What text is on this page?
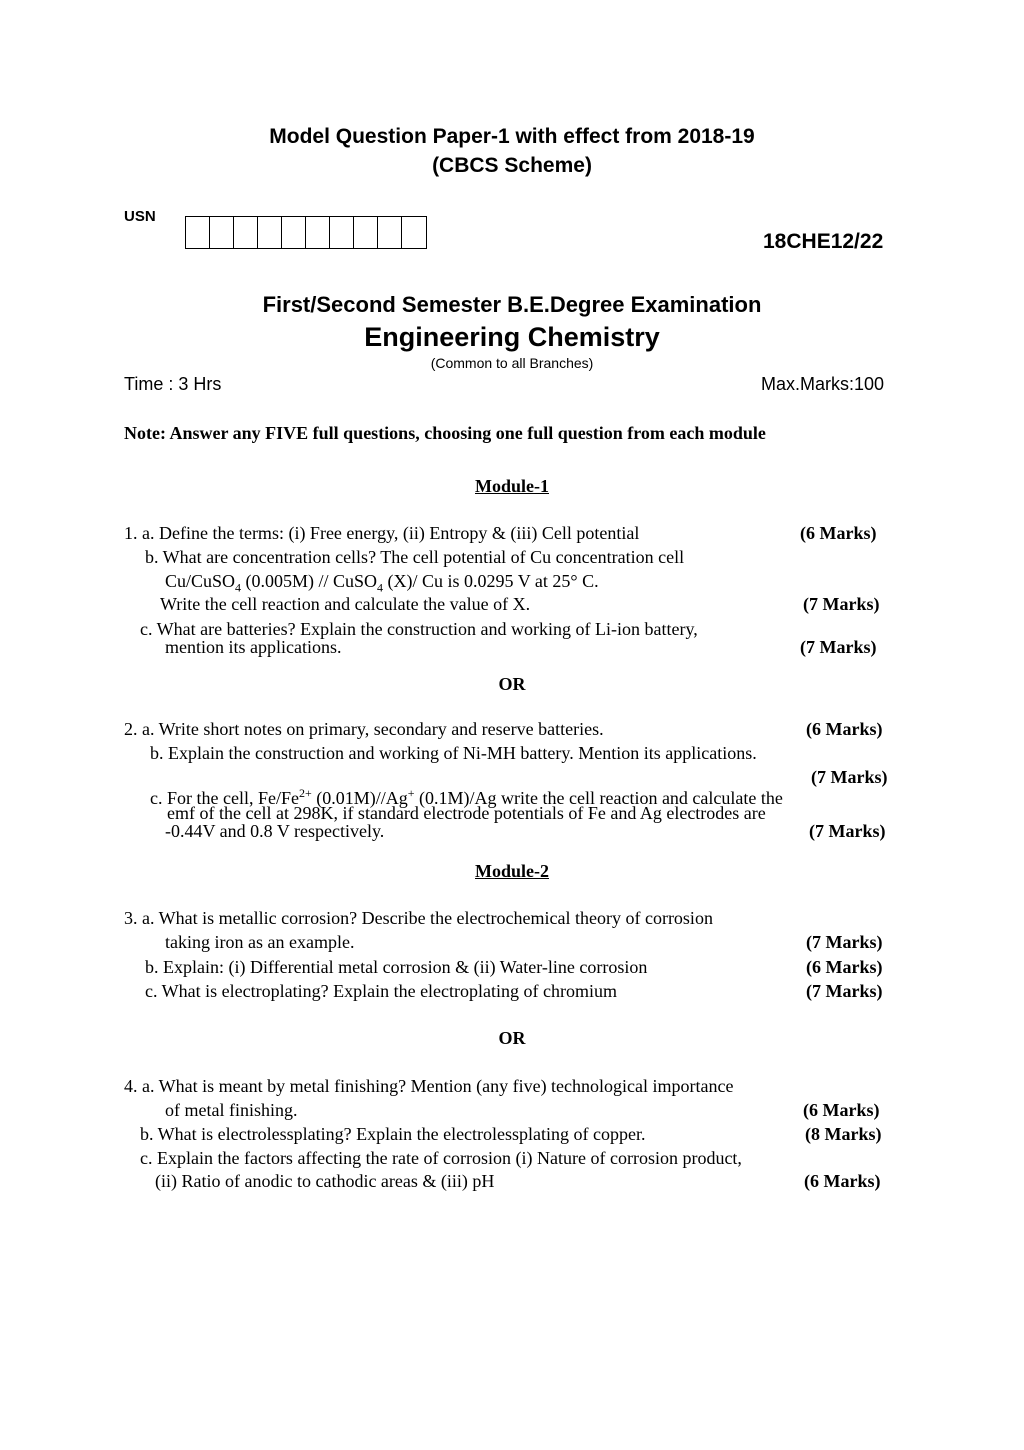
Model Question Paper-1 with effect from 2018-19
(CBCS Scheme)
USN
18CHE12/22
First/Second Semester B.E.Degree Examination
Engineering Chemistry
(Common to all Branches)
Time : 3 Hrs	Max.Marks:100
Note: Answer any FIVE full questions, choosing one full question from each module
Module-1
1. a. Define the terms: (i) Free energy, (ii) Entropy & (iii) Cell potential	(6 Marks)
b. What are concentration cells? The cell potential of Cu concentration cell
Cu/CuSO$_4$ (0.005M) // CuSO$_4$ (X)/ Cu is 0.0295 V at 25° C.
Write the cell reaction and calculate the value of X.	(7 Marks)
c. What are batteries? Explain the construction and working of Li-ion battery,
mention its applications.	(7 Marks)
OR
2. a. Write short notes on primary, secondary and reserve batteries.	(6 Marks)
b. Explain the construction and working of Ni-MH battery. Mention its applications.
(7 Marks)
c. For the cell, $Fe/Fe^{2+}$ (0.01M)//Ag+ (0.1M)/Ag write the cell reaction and calculate the
emf of the cell at 298K, if standard electrode potentials of Fe and Ag electrodes are
-0.44V and 0.8 V respectively.	(7 Marks)
Module-2
3. a. What is metallic corrosion? Describe the electrochemical theory of corrosion
taking iron as an example.	(7 Marks)
b. Explain: (i) Differential metal corrosion & (ii) Water-line corrosion	(6 Marks)
c. What is electroplating? Explain the electroplating of chromium	(7 Marks)
OR
4. a. What is meant by metal finishing? Mention (any five) technological importance
of metal finishing.	(6 Marks)
b. What is electrolessplating? Explain the electrolessplating of copper.	(8 Marks)
c. Explain the factors affecting the rate of corrosion (i) Nature of corrosion product,
(ii) Ratio of anodic to cathodic areas & (iii) pH	(6 Marks)
